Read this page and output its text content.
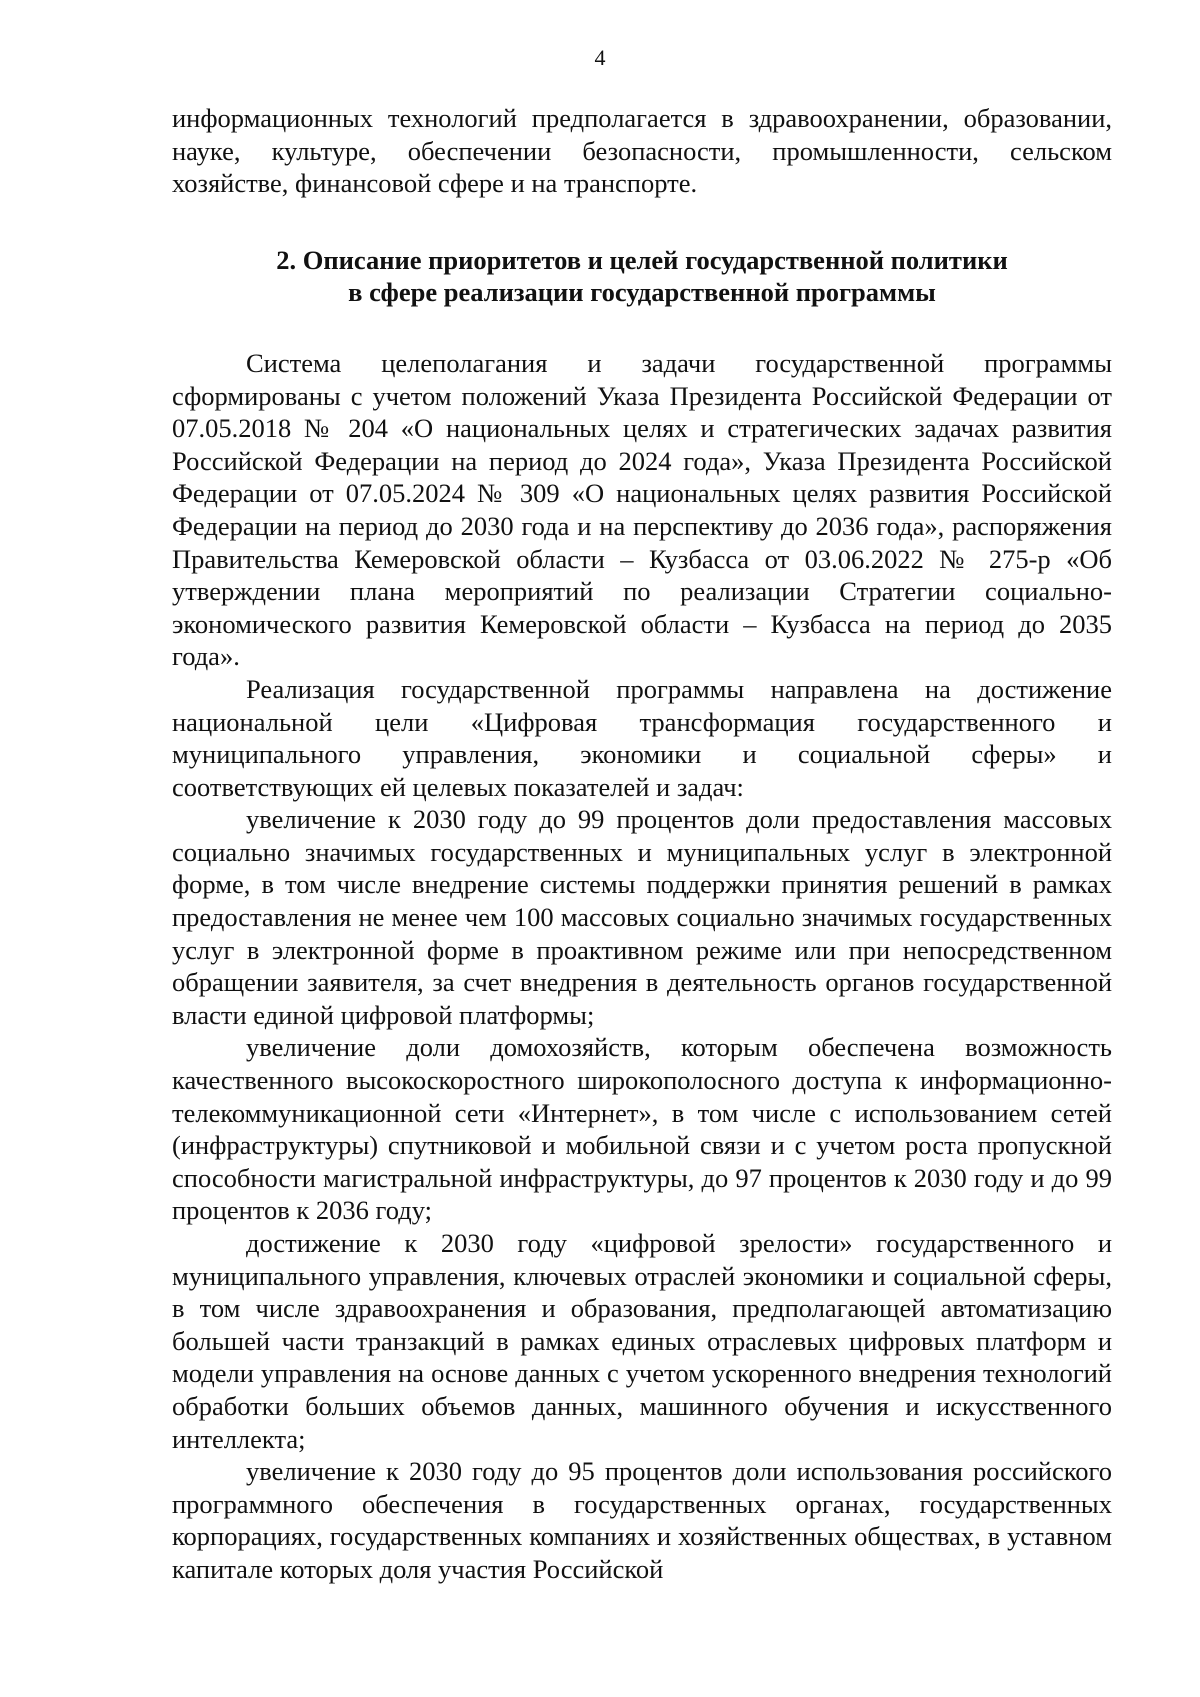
4

информационных технологий предполагается в здравоохранении, образовании, науке, культуре, обеспечении безопасности, промышленности, сельском хозяйстве, финансовой сфере и на транспорте.

2. Описание приоритетов и целей государственной политики
в сфере реализации государственной программы

Система целеполагания и задачи государственной программы сформированы с учетом положений Указа Президента Российской Федерации от 07.05.2018 № 204 «О национальных целях и стратегических задачах развития Российской Федерации на период до 2024 года», Указа Президента Российской Федерации от 07.05.2024 № 309 «О национальных целях развития Российской Федерации на период до 2030 года и на перспективу до 2036 года», распоряжения Правительства Кемеровской области – Кузбасса от 03.06.2022 № 275-р «Об утверждении плана мероприятий по реализации Стратегии социально-экономического развития Кемеровской области – Кузбасса на период до 2035 года».

Реализация государственной программы направлена на достижение национальной цели «Цифровая трансформация государственного и муниципального управления, экономики и социальной сферы» и соответствующих ей целевых показателей и задач:

увеличение к 2030 году до 99 процентов доли предоставления массовых социально значимых государственных и муниципальных услуг в электронной форме, в том числе внедрение системы поддержки принятия решений в рамках предоставления не менее чем 100 массовых социально значимых государственных услуг в электронной форме в проактивном режиме или при непосредственном обращении заявителя, за счет внедрения в деятельность органов государственной власти единой цифровой платформы;

увеличение доли домохозяйств, которым обеспечена возможность качественного высокоскоростного широкополосного доступа к информационно-телекоммуникационной сети «Интернет», в том числе с использованием сетей (инфраструктуры) спутниковой и мобильной связи и с учетом роста пропускной способности магистральной инфраструктуры, до 97 процентов к 2030 году и до 99 процентов к 2036 году;

достижение к 2030 году «цифровой зрелости» государственного и муниципального управления, ключевых отраслей экономики и социальной сферы, в том числе здравоохранения и образования, предполагающей автоматизацию большей части транзакций в рамках единых отраслевых цифровых платформ и модели управления на основе данных с учетом ускоренного внедрения технологий обработки больших объемов данных, машинного обучения и искусственного интеллекта;

увеличение к 2030 году до 95 процентов доли использования российского программного обеспечения в государственных органах, государственных корпорациях, государственных компаниях и хозяйственных обществах, в уставном капитале которых доля участия Российской
